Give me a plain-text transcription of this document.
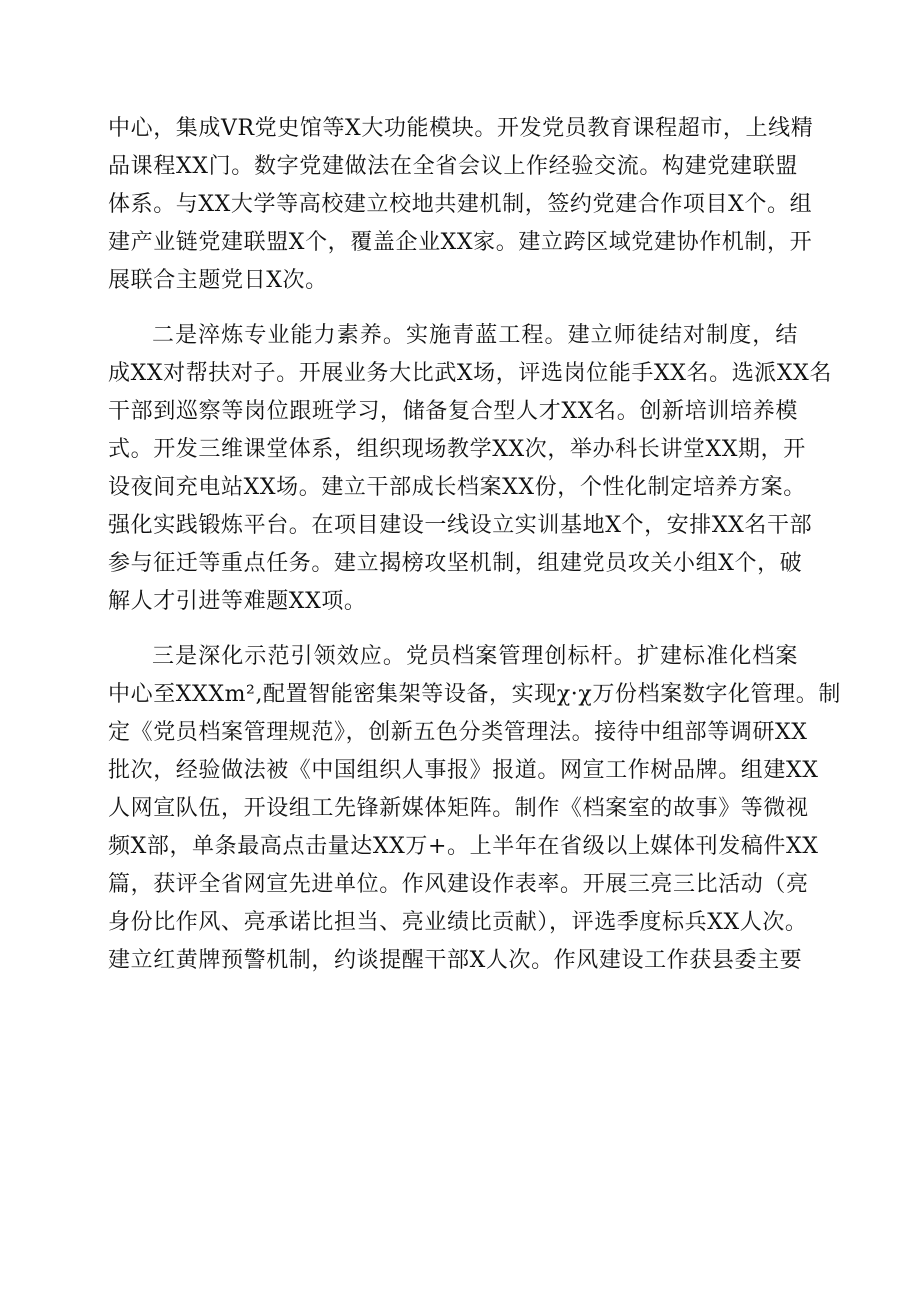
中心，集成VR党史馆等X大功能模块。开发党员教育课程超市，上线精
品课程XX门。数字党建做法在全省会议上作经验交流。构建党建联盟
体系。与XX大学等高校建立校地共建机制，签约党建合作项目X个。组
建产业链党建联盟X个，覆盖企业XX家。建立跨区域党建协作机制，开
展联合主题党日X次。
二是淬炼专业能力素养。实施青蓝工程。建立师徒结对制度，结
成XX对帮扶对子。开展业务大比武X场，评选岗位能手XX名。选派XX名
干部到巡察等岗位跟班学习，储备复合型人才XX名。创新培训培养模
式。开发三维课堂体系，组织现场教学XX次，举办科长讲堂XX期，开
设夜间充电站XX场。建立干部成长档案XX份，个性化制定培养方案。
强化实践锻炼平台。在项目建设一线设立实训基地X个，安排XX名干部
参与征迁等重点任务。建立揭榜攻坚机制，组建党员攻关小组X个，破
解人才引进等难题XX项。
三是深化示范引领效应。党员档案管理创标杆。扩建标准化档案
中心至XXXm²,配置智能密集架等设备，实现χ·χ万份档案数字化管理。制
定《党员档案管理规范》，创新五色分类管理法。接待中组部等调研XX
批次，经验做法被《中国组织人事报》报道。网宣工作树品牌。组建XX
人网宣队伍，开设组工先锋新媒体矩阵。制作《档案室的故事》等微视
频X部，单条最高点击量达XX万+。上半年在省级以上媒体刊发稿件XX
篇，获评全省网宣先进单位。作风建设作表率。开展三亮三比活动（亮
身份比作风、亮承诺比担当、亮业绩比贡献），评选季度标兵XX人次。
建立红黄牌预警机制，约谈提醒干部X人次。作风建设工作获县委主要
